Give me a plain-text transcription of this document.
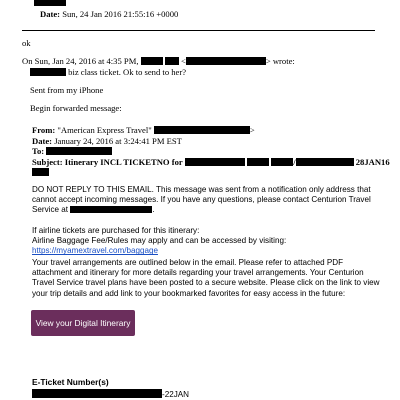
Date: Sun, 24 Jan 2016 21:55:16 +0000
ok
On Sun, Jan 24, 2016 at 4:35 PM,	<	> wrote:
biz class ticket. Ok to send to her?
Sent from my iPhone
Begin forwarded message:
From: "American Express Travel"	>
Date: January 24, 2016 at 3:24:41 PM EST
To:
Subject: Itinerary INCL TICKETNO for	/	28JAN16
DO NOT REPLY TO THIS EMAIL. This message was sent from a notification only address that
cannot accept incoming messages. If you have any questions, please contact Centurion Travel
Service at	.
If airline tickets are purchased for this itinerary:
Airline Baggage Fee/Rules may apply and can be accessed by visiting:
https://myamextravel.com/baggage
Your travel arrangements are outlined below in the email. Please refer to attached PDF
attachment and itinerary for more details regarding your travel arrangements. Your Centurion
Travel Service travel plans have been posted to a secure website. Please click on the link to view
your trip details and add link to your bookmarked favorites for easy access in the future:
View your Digital Itinerary
E-Ticket Number(s)
-22JAN
